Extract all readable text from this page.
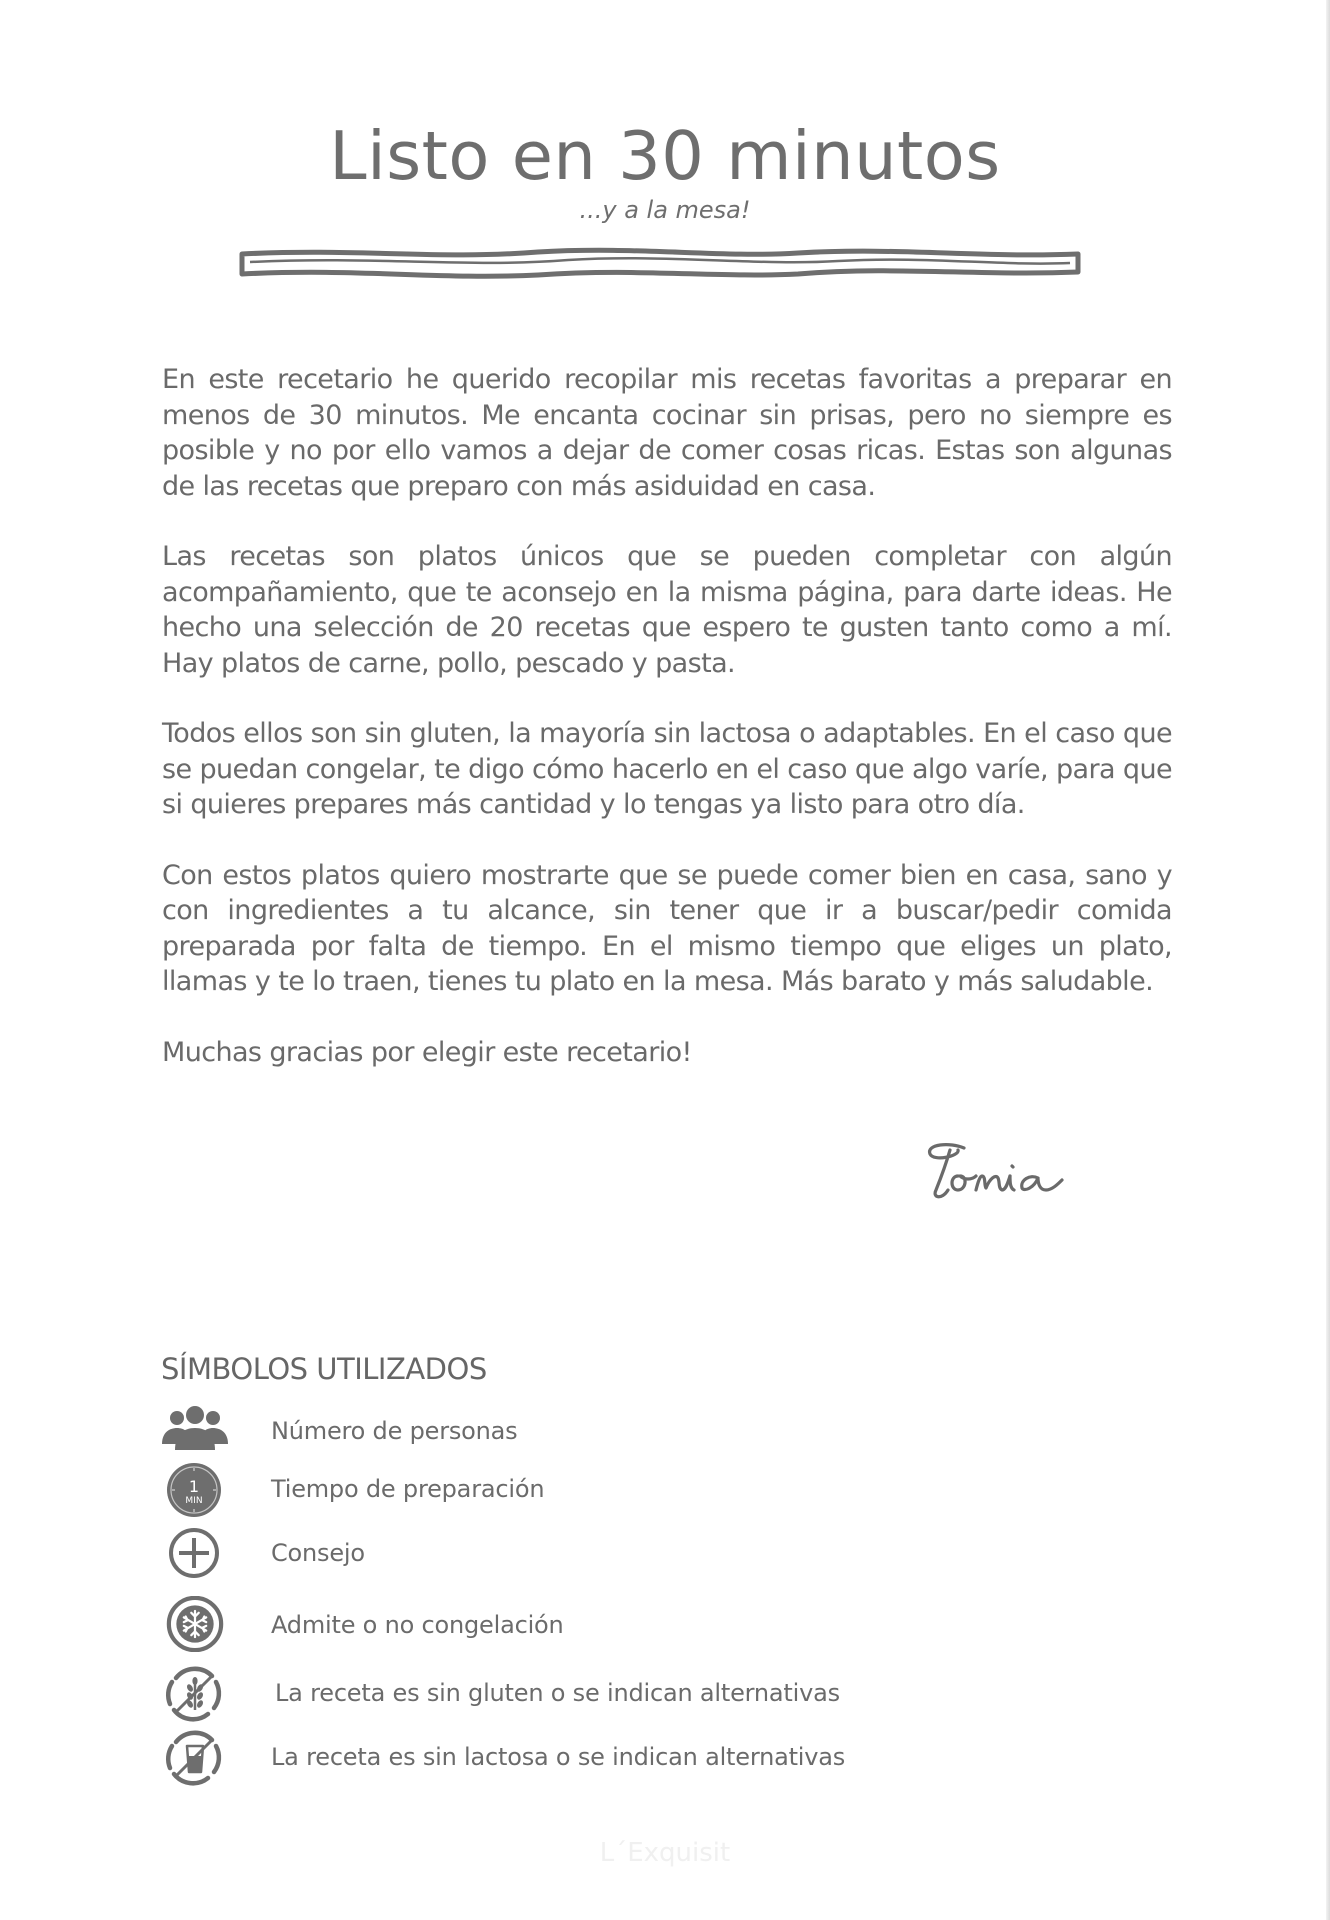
Listo en 30 minutos
...y a la mesa!

En este recetario he querido recopilar mis recetas favoritas a preparar en menos de 30 minutos. Me encanta cocinar sin prisas, pero no siempre es posible y no por ello vamos a dejar de comer cosas ricas. Estas son algunas de las recetas que preparo con más asiduidad en casa.

Las recetas son platos únicos que se pueden completar con algún acompañamiento, que te aconsejo en la misma página, para darte ideas. He hecho una selección de 20 recetas que espero te gusten tanto como a mí. Hay platos de carne, pollo, pescado y pasta.

Todos ellos son sin gluten, la mayoría sin lactosa o adaptables. En el caso que se puedan congelar, te digo cómo hacerlo en el caso que algo varíe, para que si quieres prepares más cantidad y lo tengas ya listo para otro día.

Con estos platos quiero mostrarte que se puede comer bien en casa, sano y con ingredientes a tu alcance, sin tener que ir a buscar/pedir comida preparada por falta de tiempo. En el mismo tiempo que eliges un plato, llamas y te lo traen, tienes tu plato en la mesa. Más barato y más saludable.

Muchas gracias por elegir este recetario!

SÍMBOLOS UTILIZADOS
Número de personas
1
MIN	Tiempo de preparación
Consejo
Admite o no congelación
La receta es sin gluten o se indican alternativas
La receta es sin lactosa o se indican alternativas
L´Exquisit
